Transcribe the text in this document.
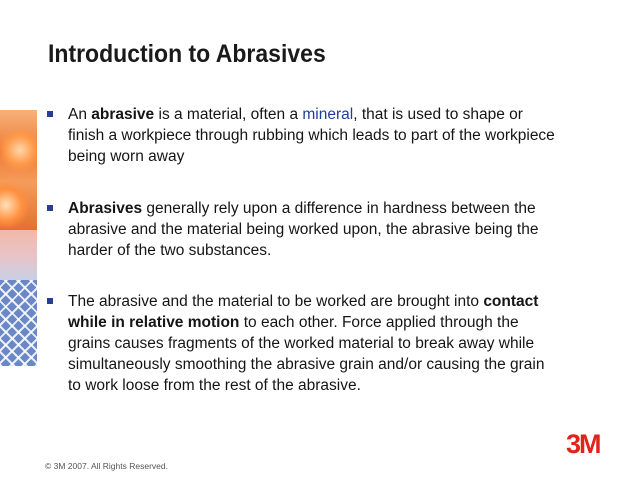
Introduction to Abrasives
An abrasive is a material, often a mineral, that is used to shape or finish a workpiece through rubbing which leads to part of the workpiece being worn away
Abrasives generally rely upon a difference in hardness between the abrasive and the material being worked upon, the abrasive being the harder of the two substances.
The abrasive and the material to be worked are brought into contact while in relative motion to each other. Force applied through the grains causes fragments of the worked material to break away while simultaneously smoothing the abrasive grain and/or causing the grain to work loose from the rest of the abrasive.
3M
© 3M 2007. All Rights Reserved.
